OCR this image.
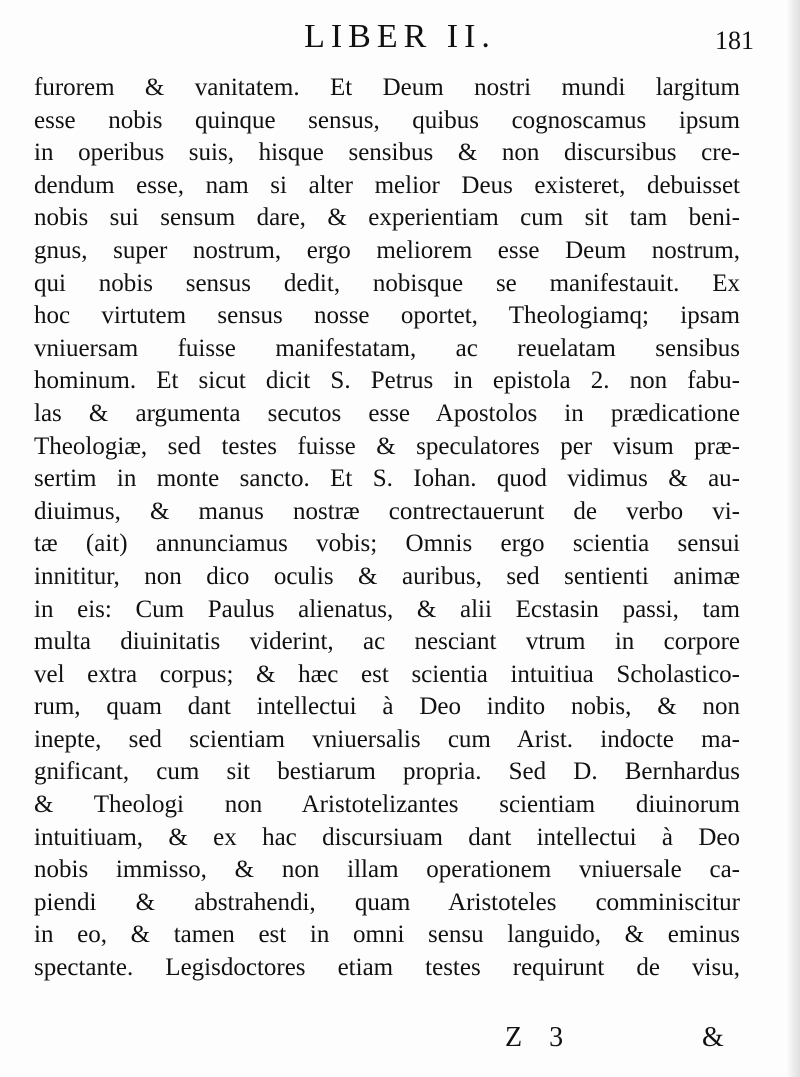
LIBER II.	181
furorem & vanitatem. Et Deum nostri mundi largitum
esse nobis quinque sensus, quibus cognoscamus ipsum
in operibus suis, hisque sensibus & non discursibus cre-
dendum esse, nam si alter melior Deus existeret, debuisset
nobis sui sensum dare, & experientiam cum sit tam beni-
gnus, super nostrum, ergo meliorem esse Deum nostrum,
qui nobis sensus dedit, nobisque se manifestauit. Ex
hoc virtutem sensus nosse oportet, Theologiamq; ipsam
vniuersam fuisse manifestatam, ac reuelatam sensibus
hominum. Et sicut dicit S. Petrus in epistola 2. non fabu-
las & argumenta secutos esse Apostolos in prædicatione
Theologiæ, sed testes fuisse & speculatores per visum præ-
sertim in monte sancto. Et S. Iohan. quod vidimus & au-
diuimus, & manus nostræ contrectauerunt de verbo vi-
tæ (ait) annunciamus vobis; Omnis ergo scientia sensui
innititur, non dico oculis & auribus, sed sentienti animæ
in eis: Cum Paulus alienatus, & alii Ecstasin passi, tam
multa diuinitatis viderint, ac nesciant vtrum in corpore
vel extra corpus; & hæc est scientia intuitiua Scholastico-
rum, quam dant intellectui à Deo indito nobis, & non
inepte, sed scientiam vniuersalis cum Arist. indocte ma-
gnificant, cum sit bestiarum propria. Sed D. Bernhardus
& Theologi non Aristotelizantes scientiam diuinorum
intuitiuam, & ex hac discursiuam dant intellectui à Deo
nobis immisso, & non illam operationem vniuersale ca-
piendi & abstrahendi, quam Aristoteles comminiscitur
in eo, & tamen est in omni sensu languido, & eminus
spectante. Legisdoctores etiam testes requirunt de visu,
Z 3	&
